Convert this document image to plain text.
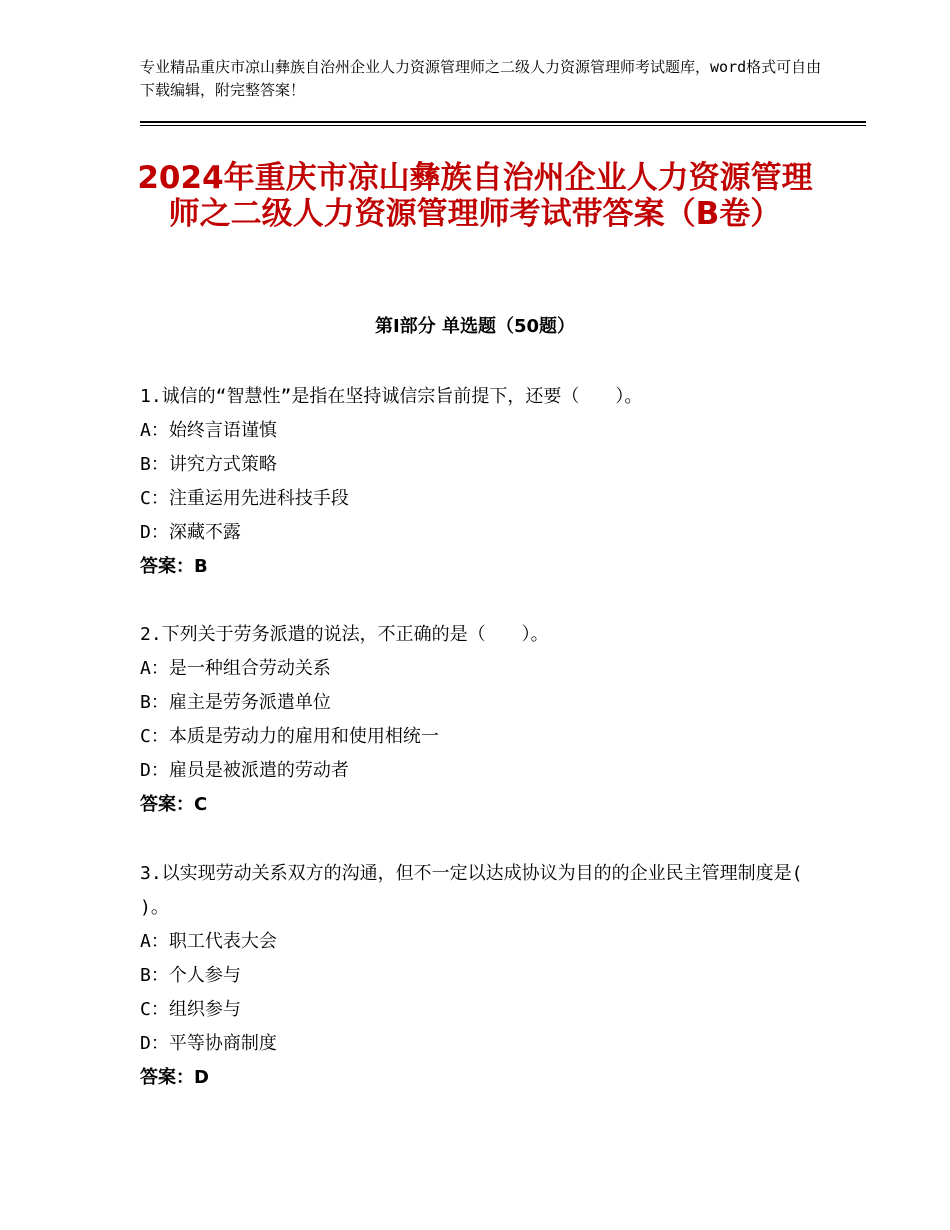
专业精品重庆市凉山彝族自治州企业人力资源管理师之二级人力资源管理师考试题库，word格式可自由下载编辑，附完整答案！
2024年重庆市凉山彝族自治州企业人力资源管理师之二级人力资源管理师考试带答案（B卷）
第Ⅰ部分 单选题（50题）

1.诚信的“智慧性”是指在坚持诚信宗旨前提下，还要（　　）。

A：始终言语谨慎

B：讲究方式策略

C：注重运用先进科技手段

D：深藏不露

答案：B

2.下列关于劳务派遣的说法，不正确的是（　　）。

A：是一种组合劳动关系

B：雇主是劳务派遣单位

C：本质是劳动力的雇用和使用相统一

D：雇员是被派遣的劳动者

答案：C

3.以实现劳动关系双方的沟通，但不一定以达成协议为目的的企业民主管理制度是( )。

A：职工代表大会

B：个人参与

C：组织参与

D：平等协商制度

答案：D
